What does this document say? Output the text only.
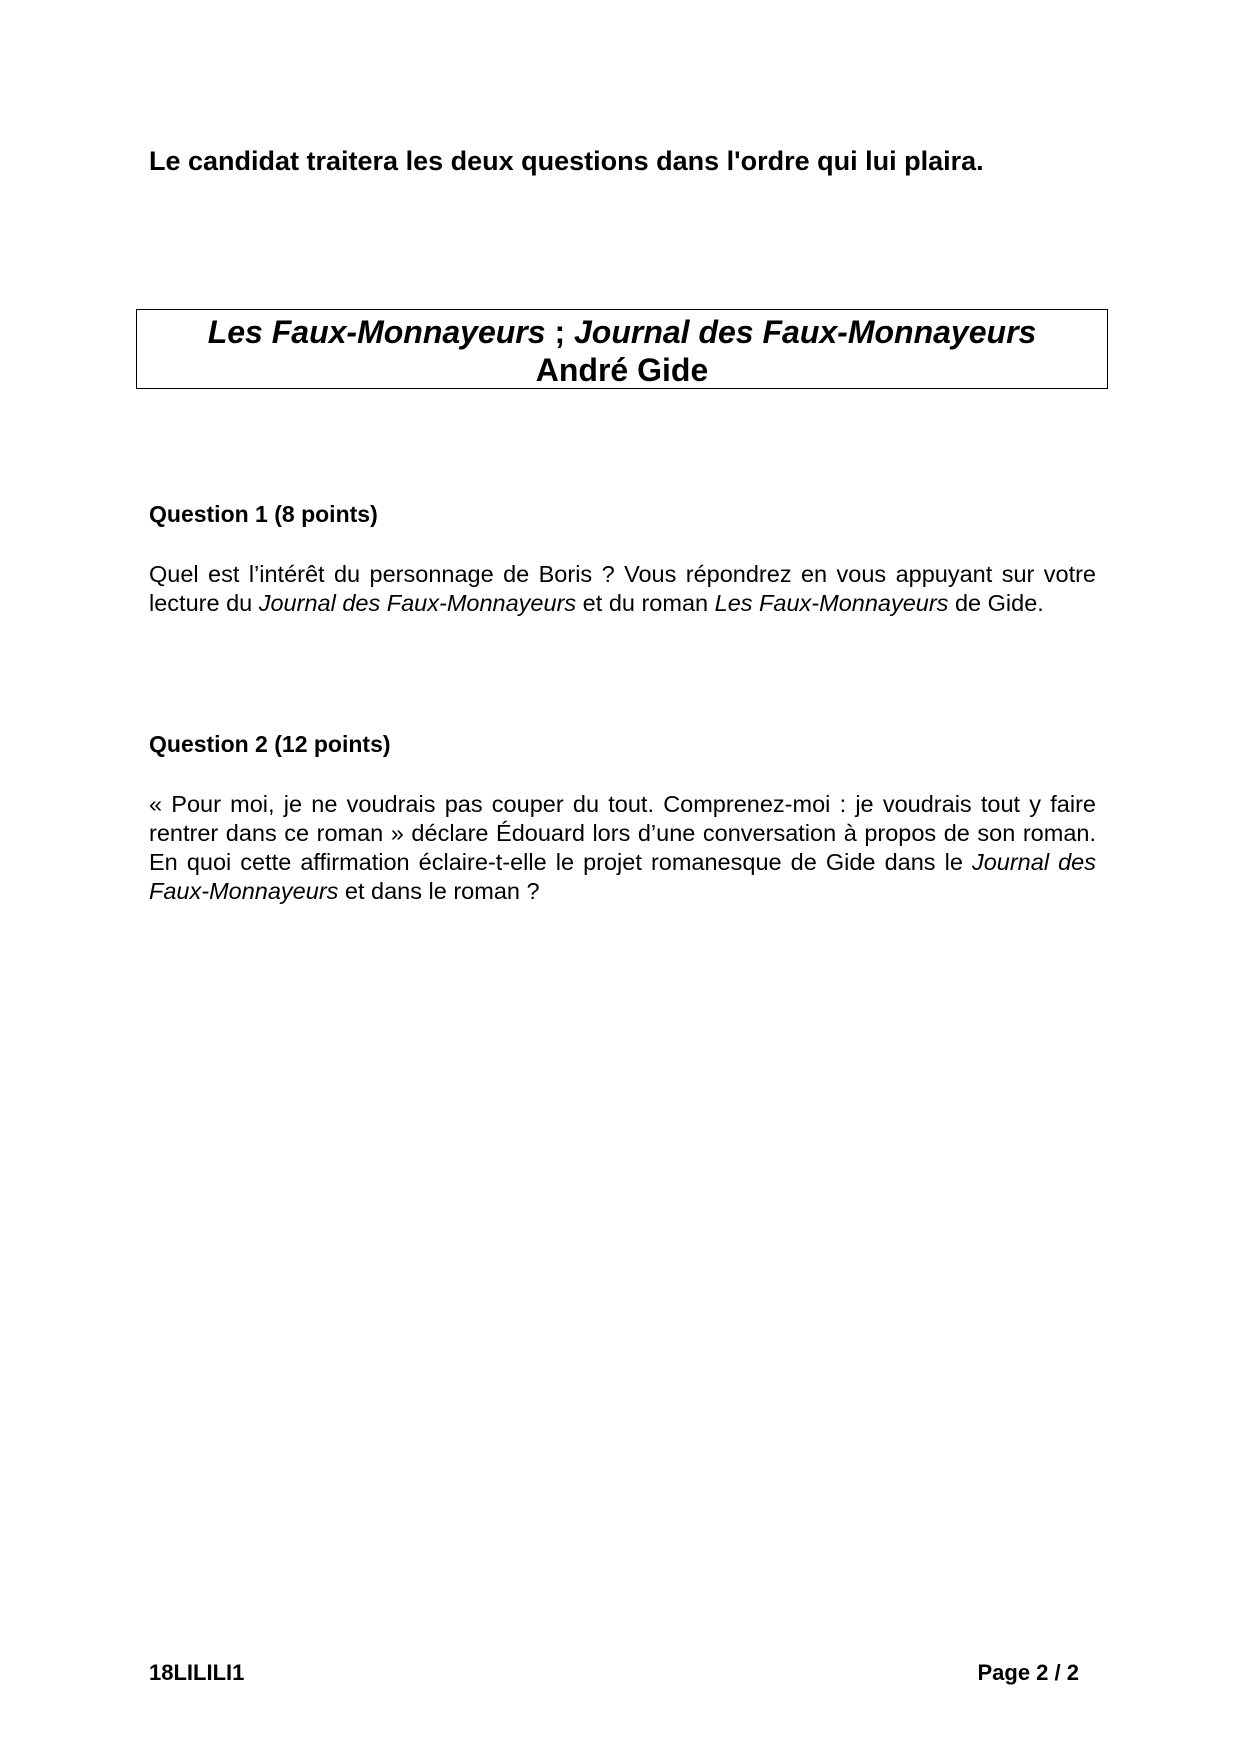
Le candidat traitera les deux questions dans l'ordre qui lui plaira.

Les Faux-Monnayeurs ; Journal des Faux-Monnayeurs
André Gide

Question 1 (8 points)

Quel est l’intérêt du personnage de Boris ? Vous répondrez en vous appuyant sur votre lecture du Journal des Faux-Monnayeurs et du roman Les Faux-Monnayeurs de Gide.

Question 2 (12 points)

« Pour moi, je ne voudrais pas couper du tout. Comprenez-moi : je voudrais tout y faire rentrer dans ce roman » déclare Édouard lors d’une conversation à propos de son roman. En quoi cette affirmation éclaire-t-elle le projet romanesque de Gide dans le Journal des Faux-Monnayeurs et dans le roman ?

18LILILI1	Page 2 / 2
